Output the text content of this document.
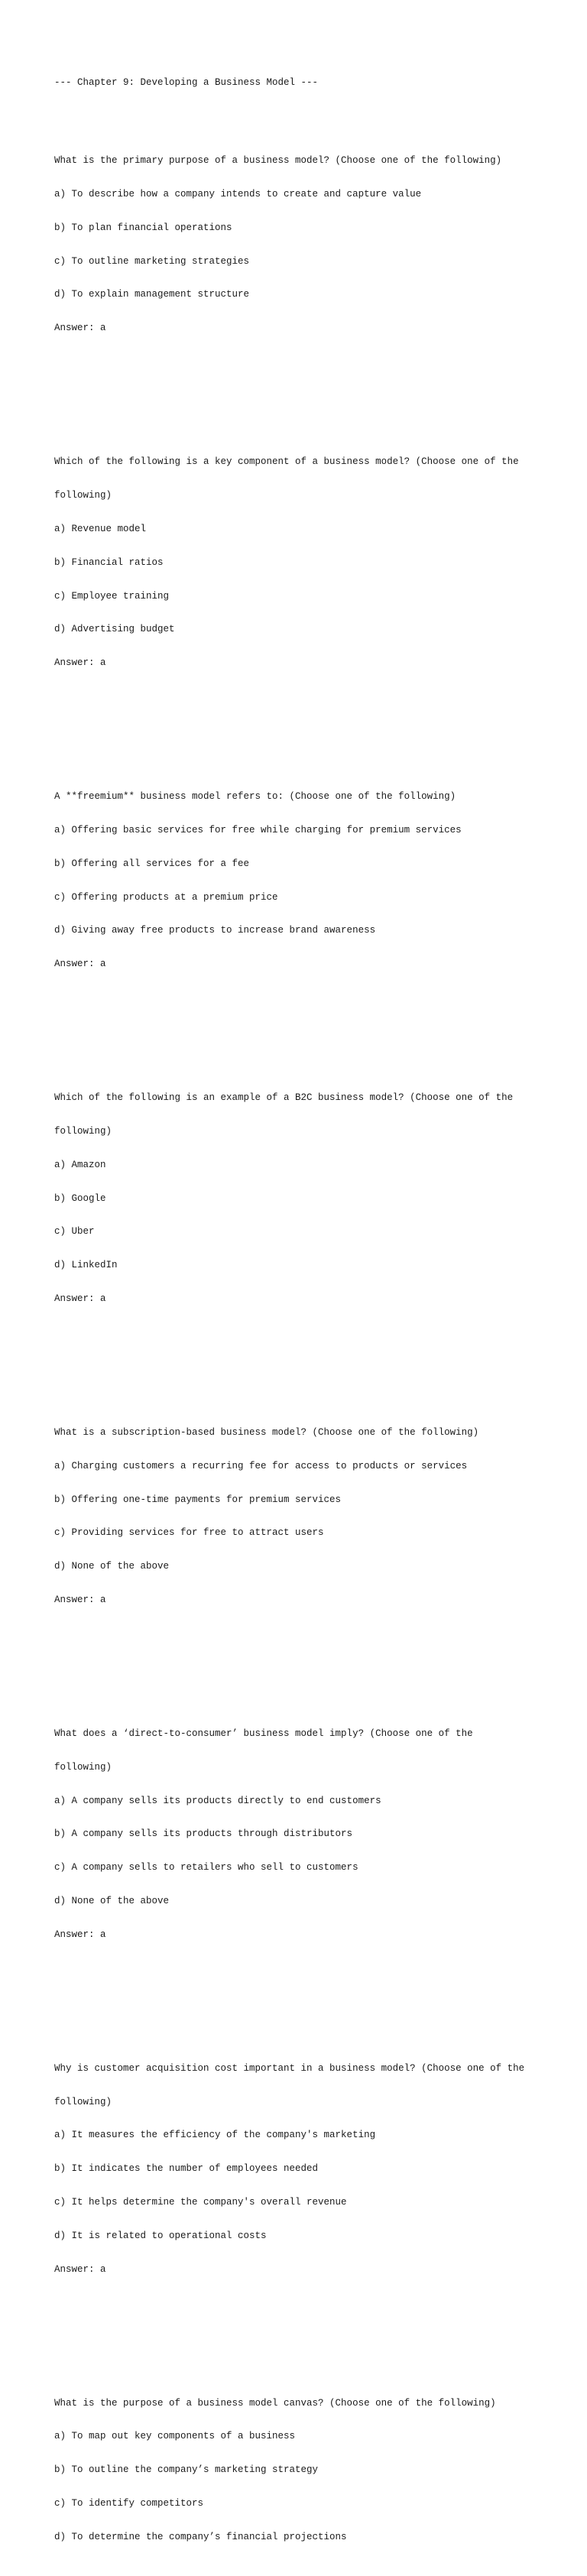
--- Chapter 9: Developing a Business Model ---

What is the primary purpose of a business model? (Choose one of the following)

a) To describe how a company intends to create and capture value

b) To plan financial operations

c) To outline marketing strategies

d) To explain management structure

Answer: a

Which of the following is a key component of a business model? (Choose one of the

following)

a) Revenue model

b) Financial ratios

c) Employee training

d) Advertising budget

Answer: a

A **freemium** business model refers to: (Choose one of the following)

a) Offering basic services for free while charging for premium services

b) Offering all services for a fee

c) Offering products at a premium price

d) Giving away free products to increase brand awareness

Answer: a

Which of the following is an example of a B2C business model? (Choose one of the

following)

a) Amazon

b) Google

c) Uber

d) LinkedIn

Answer: a

What is a subscription-based business model? (Choose one of the following)

a) Charging customers a recurring fee for access to products or services

b) Offering one-time payments for premium services

c) Providing services for free to attract users

d) None of the above

Answer: a

What does a ‘direct-to-consumer’ business model imply? (Choose one of the

following)

a) A company sells its products directly to end customers

b) A company sells its products through distributors

c) A company sells to retailers who sell to customers

d) None of the above

Answer: a

Why is customer acquisition cost important in a business model? (Choose one of the

following)

a) It measures the efficiency of the company's marketing

b) It indicates the number of employees needed

c) It helps determine the company's overall revenue

d) It is related to operational costs

Answer: a

What is the purpose of a business model canvas? (Choose one of the following)

a) To map out key components of a business

b) To outline the company’s marketing strategy

c) To identify competitors

d) To determine the company’s financial projections
